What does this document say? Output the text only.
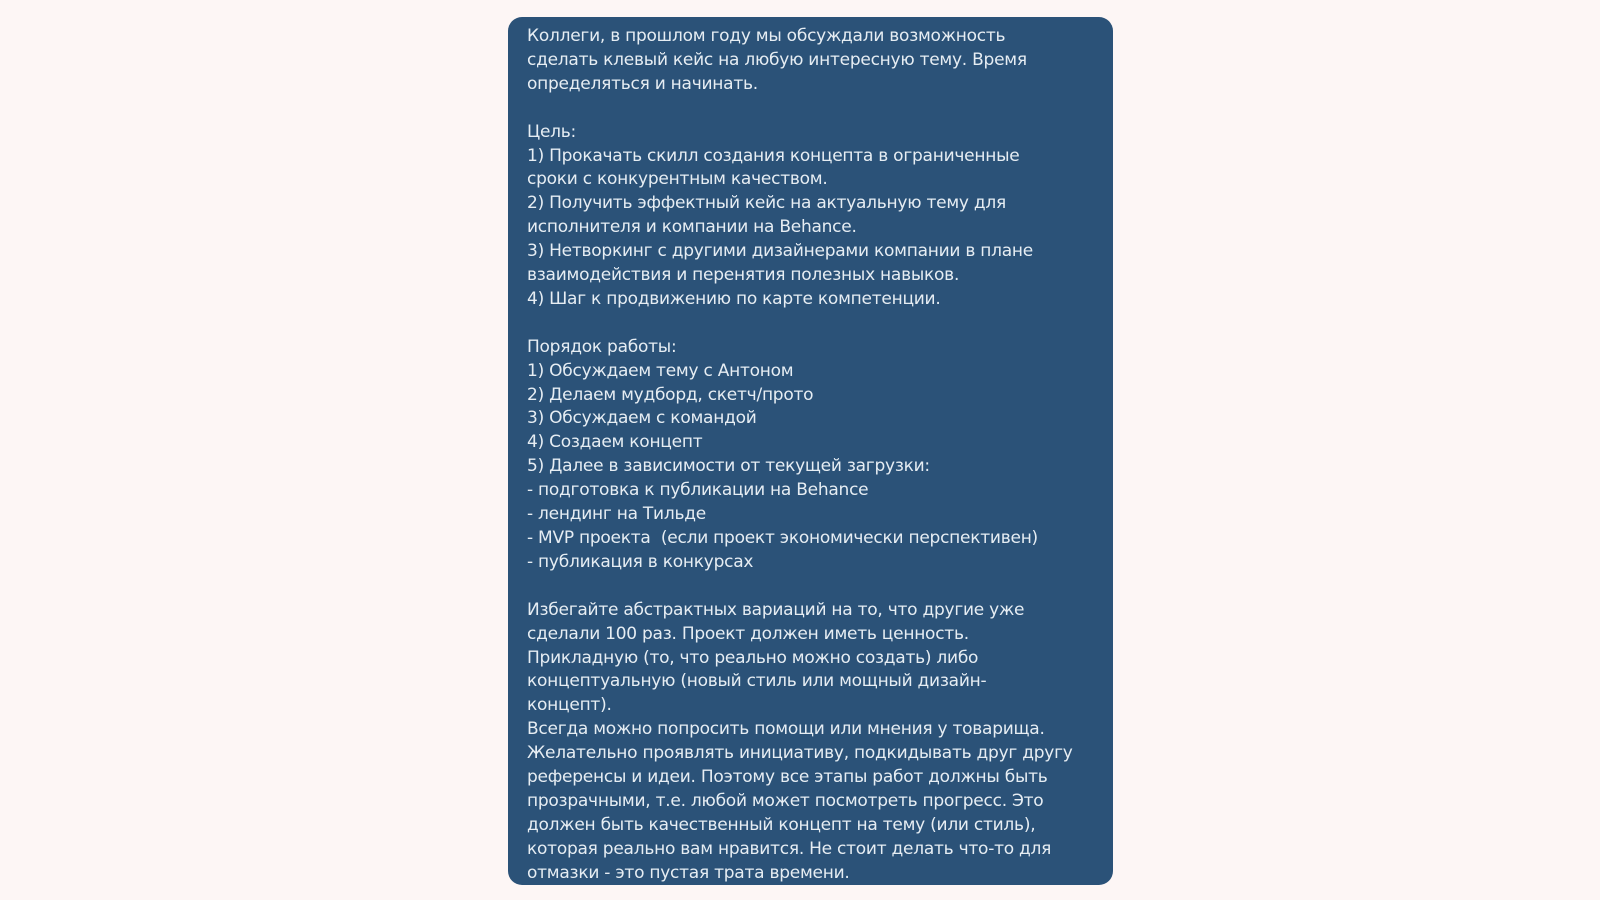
Коллеги, в прошлом году мы обсуждали возможность
сделать клевый кейс на любую интересную тему. Время
определяться и начинать.
Цель:
1) Прокачать скилл создания концепта в ограниченные
сроки с конкурентным качеством.
2) Получить эффектный кейс на актуальную тему для
исполнителя и компании на Behance.
3) Нетворкинг с другими дизайнерами компании в плане
взаимодействия и перенятия полезных навыков.
4) Шаг к продвижению по карте компетенции.
Порядок работы:
1) Обсуждаем тему с Антоном
2) Делаем мудборд, скетч/прото
3) Обсуждаем с командой
4) Создаем концепт
5) Далее в зависимости от текущей загрузки:
- подготовка к публикации на Behance
- лендинг на Тильде
- MVP проекта  (если проект экономически перспективен)
- публикация в конкурсах
Избегайте абстрактных вариаций на то, что другие уже
сделали 100 раз. Проект должен иметь ценность.
Прикладную (то, что реально можно создать) либо
концептуальную (новый стиль или мощный дизайн-
концепт).
Всегда можно попросить помощи или мнения у товарища.
Желательно проявлять инициативу, подкидывать друг другу
референсы и идеи. Поэтому все этапы работ должны быть
прозрачными, т.е. любой может посмотреть прогресс. Это
должен быть качественный концепт на тему (или стиль),
которая реально вам нравится. Не стоит делать что-то для
отмазки - это пустая трата времени.
